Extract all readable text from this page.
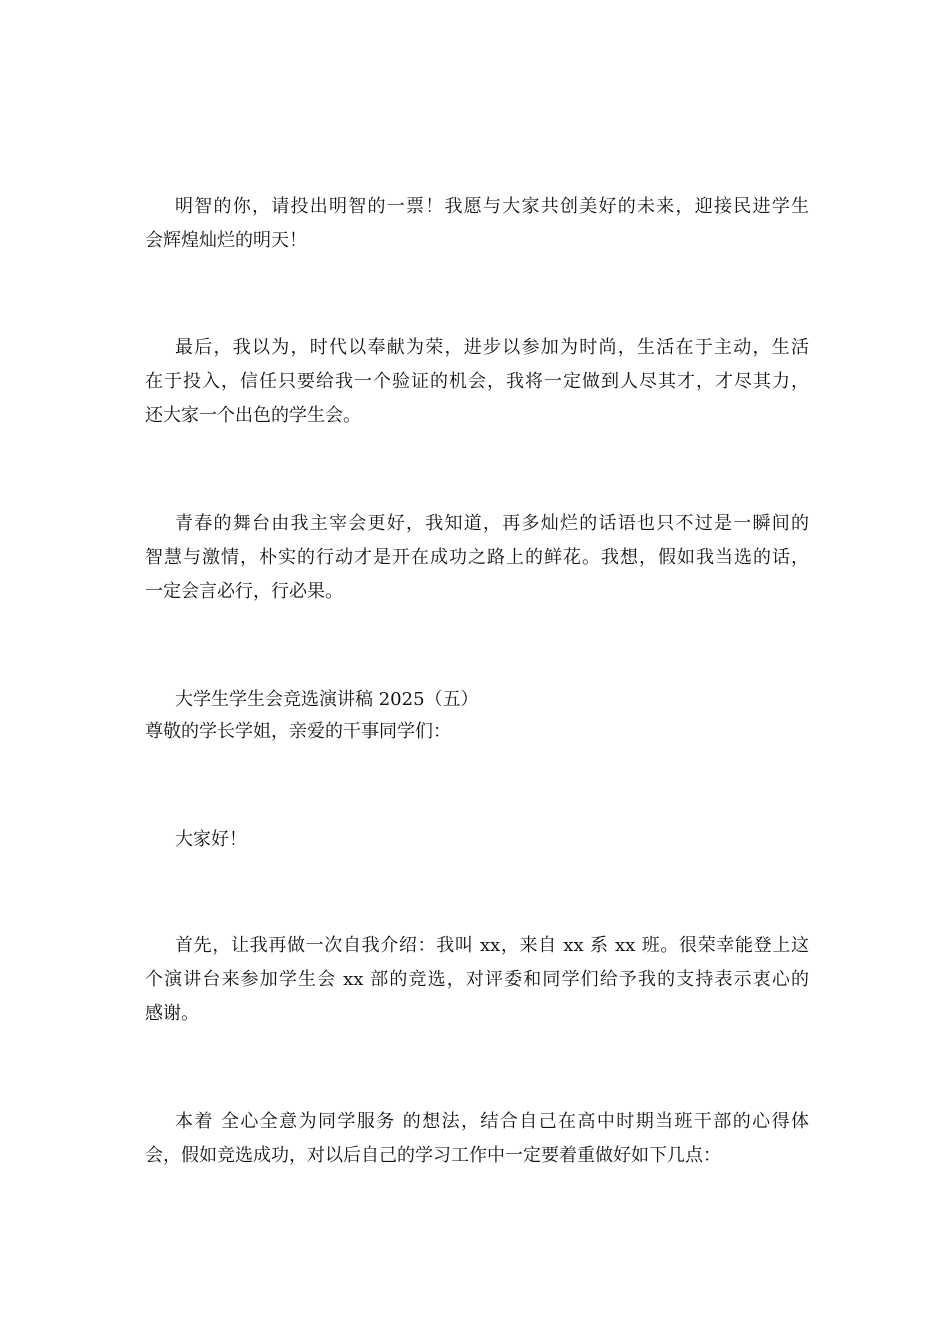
明智的你，请投出明智的一票！我愿与大家共创美好的未来，迎接民进学生
会辉煌灿烂的明天！
最后，我以为，时代以奉献为荣，进步以参加为时尚，生活在于主动，生活
在于投入，信任只要给我一个验证的机会，我将一定做到人尽其才，才尽其力，
还大家一个出色的学生会。
青春的舞台由我主宰会更好，我知道，再多灿烂的话语也只不过是一瞬间的
智慧与激情，朴实的行动才是开在成功之路上的鲜花。我想，假如我当选的话，
一定会言必行，行必果。
大学生学生会竞选演讲稿 2025（五）
尊敬的学长学姐，亲爱的干事同学们：
大家好！
首先，让我再做一次自我介绍：我叫 xx，来自 xx 系 xx 班。很荣幸能登上这
个演讲台来参加学生会 xx 部的竞选，对评委和同学们给予我的支持表示衷心的
感谢。
本着 全心全意为同学服务 的想法，结合自己在高中时期当班干部的心得体
会，假如竞选成功，对以后自己的学习工作中一定要着重做好如下几点：
